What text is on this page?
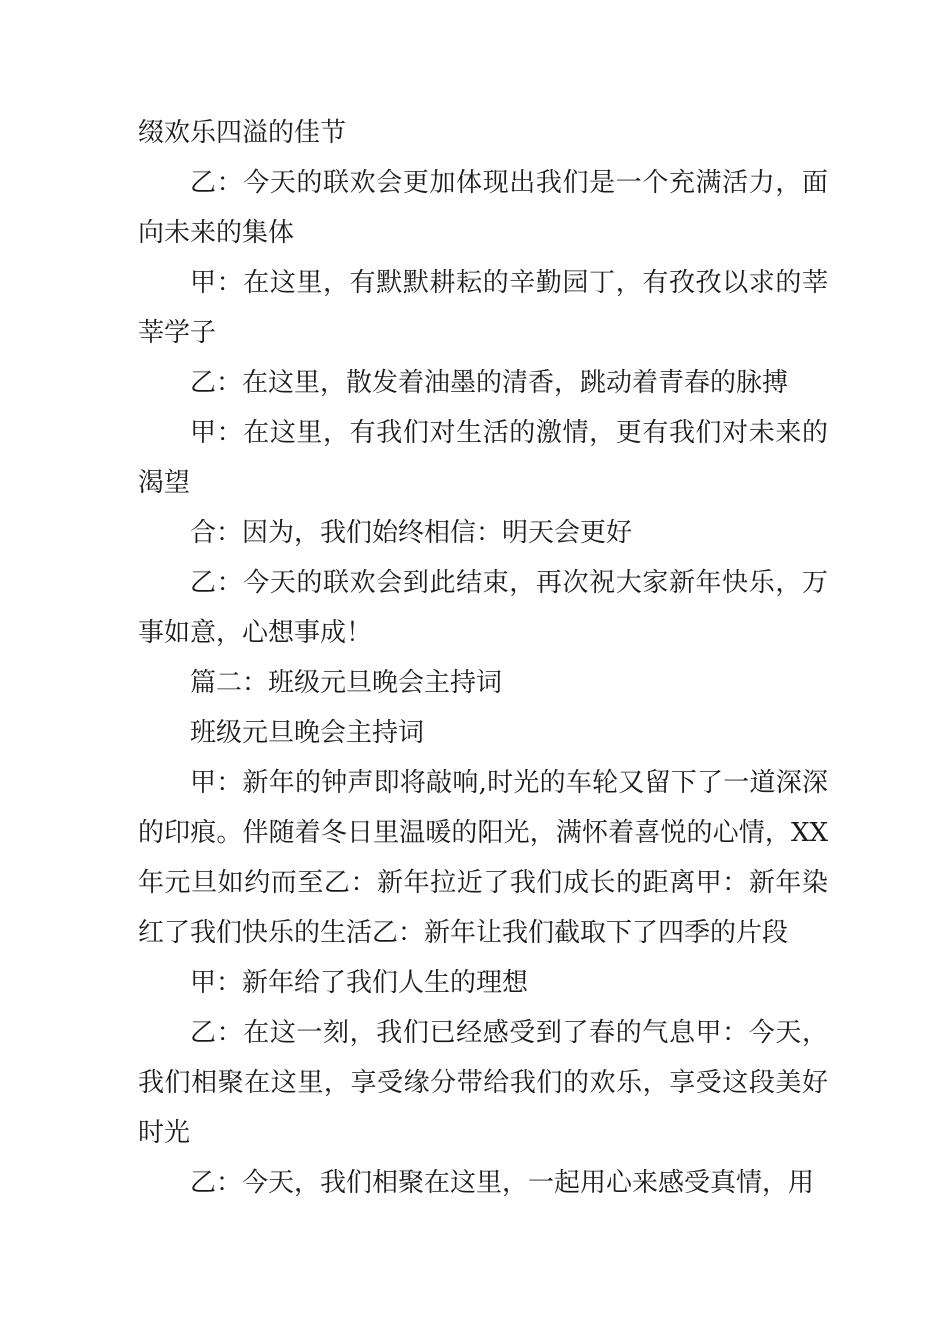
缀欢乐四溢的佳节

乙：今天的联欢会更加体现出我们是一个充满活力，面向未来的集体

甲：在这里，有默默耕耘的辛勤园丁，有孜孜以求的莘莘学子

乙：在这里，散发着油墨的清香，跳动着青春的脉搏

甲：在这里，有我们对生活的激情，更有我们对未来的渴望

合：因为，我们始终相信：明天会更好

乙：今天的联欢会到此结束，再次祝大家新年快乐，万事如意，心想事成！

篇二：班级元旦晚会主持词

班级元旦晚会主持词

甲：新年的钟声即将敲响,时光的车轮又留下了一道深深的印痕。伴随着冬日里温暖的阳光，满怀着喜悦的心情，XX年元旦如约而至乙：新年拉近了我们成长的距离甲：新年染红了我们快乐的生活乙：新年让我们截取下了四季的片段

甲：新年给了我们人生的理想

乙：在这一刻，我们已经感受到了春的气息甲：今天，我们相聚在这里，享受缘分带给我们的欢乐，享受这段美好时光

乙：今天，我们相聚在这里，一起用心来感受真情，用
